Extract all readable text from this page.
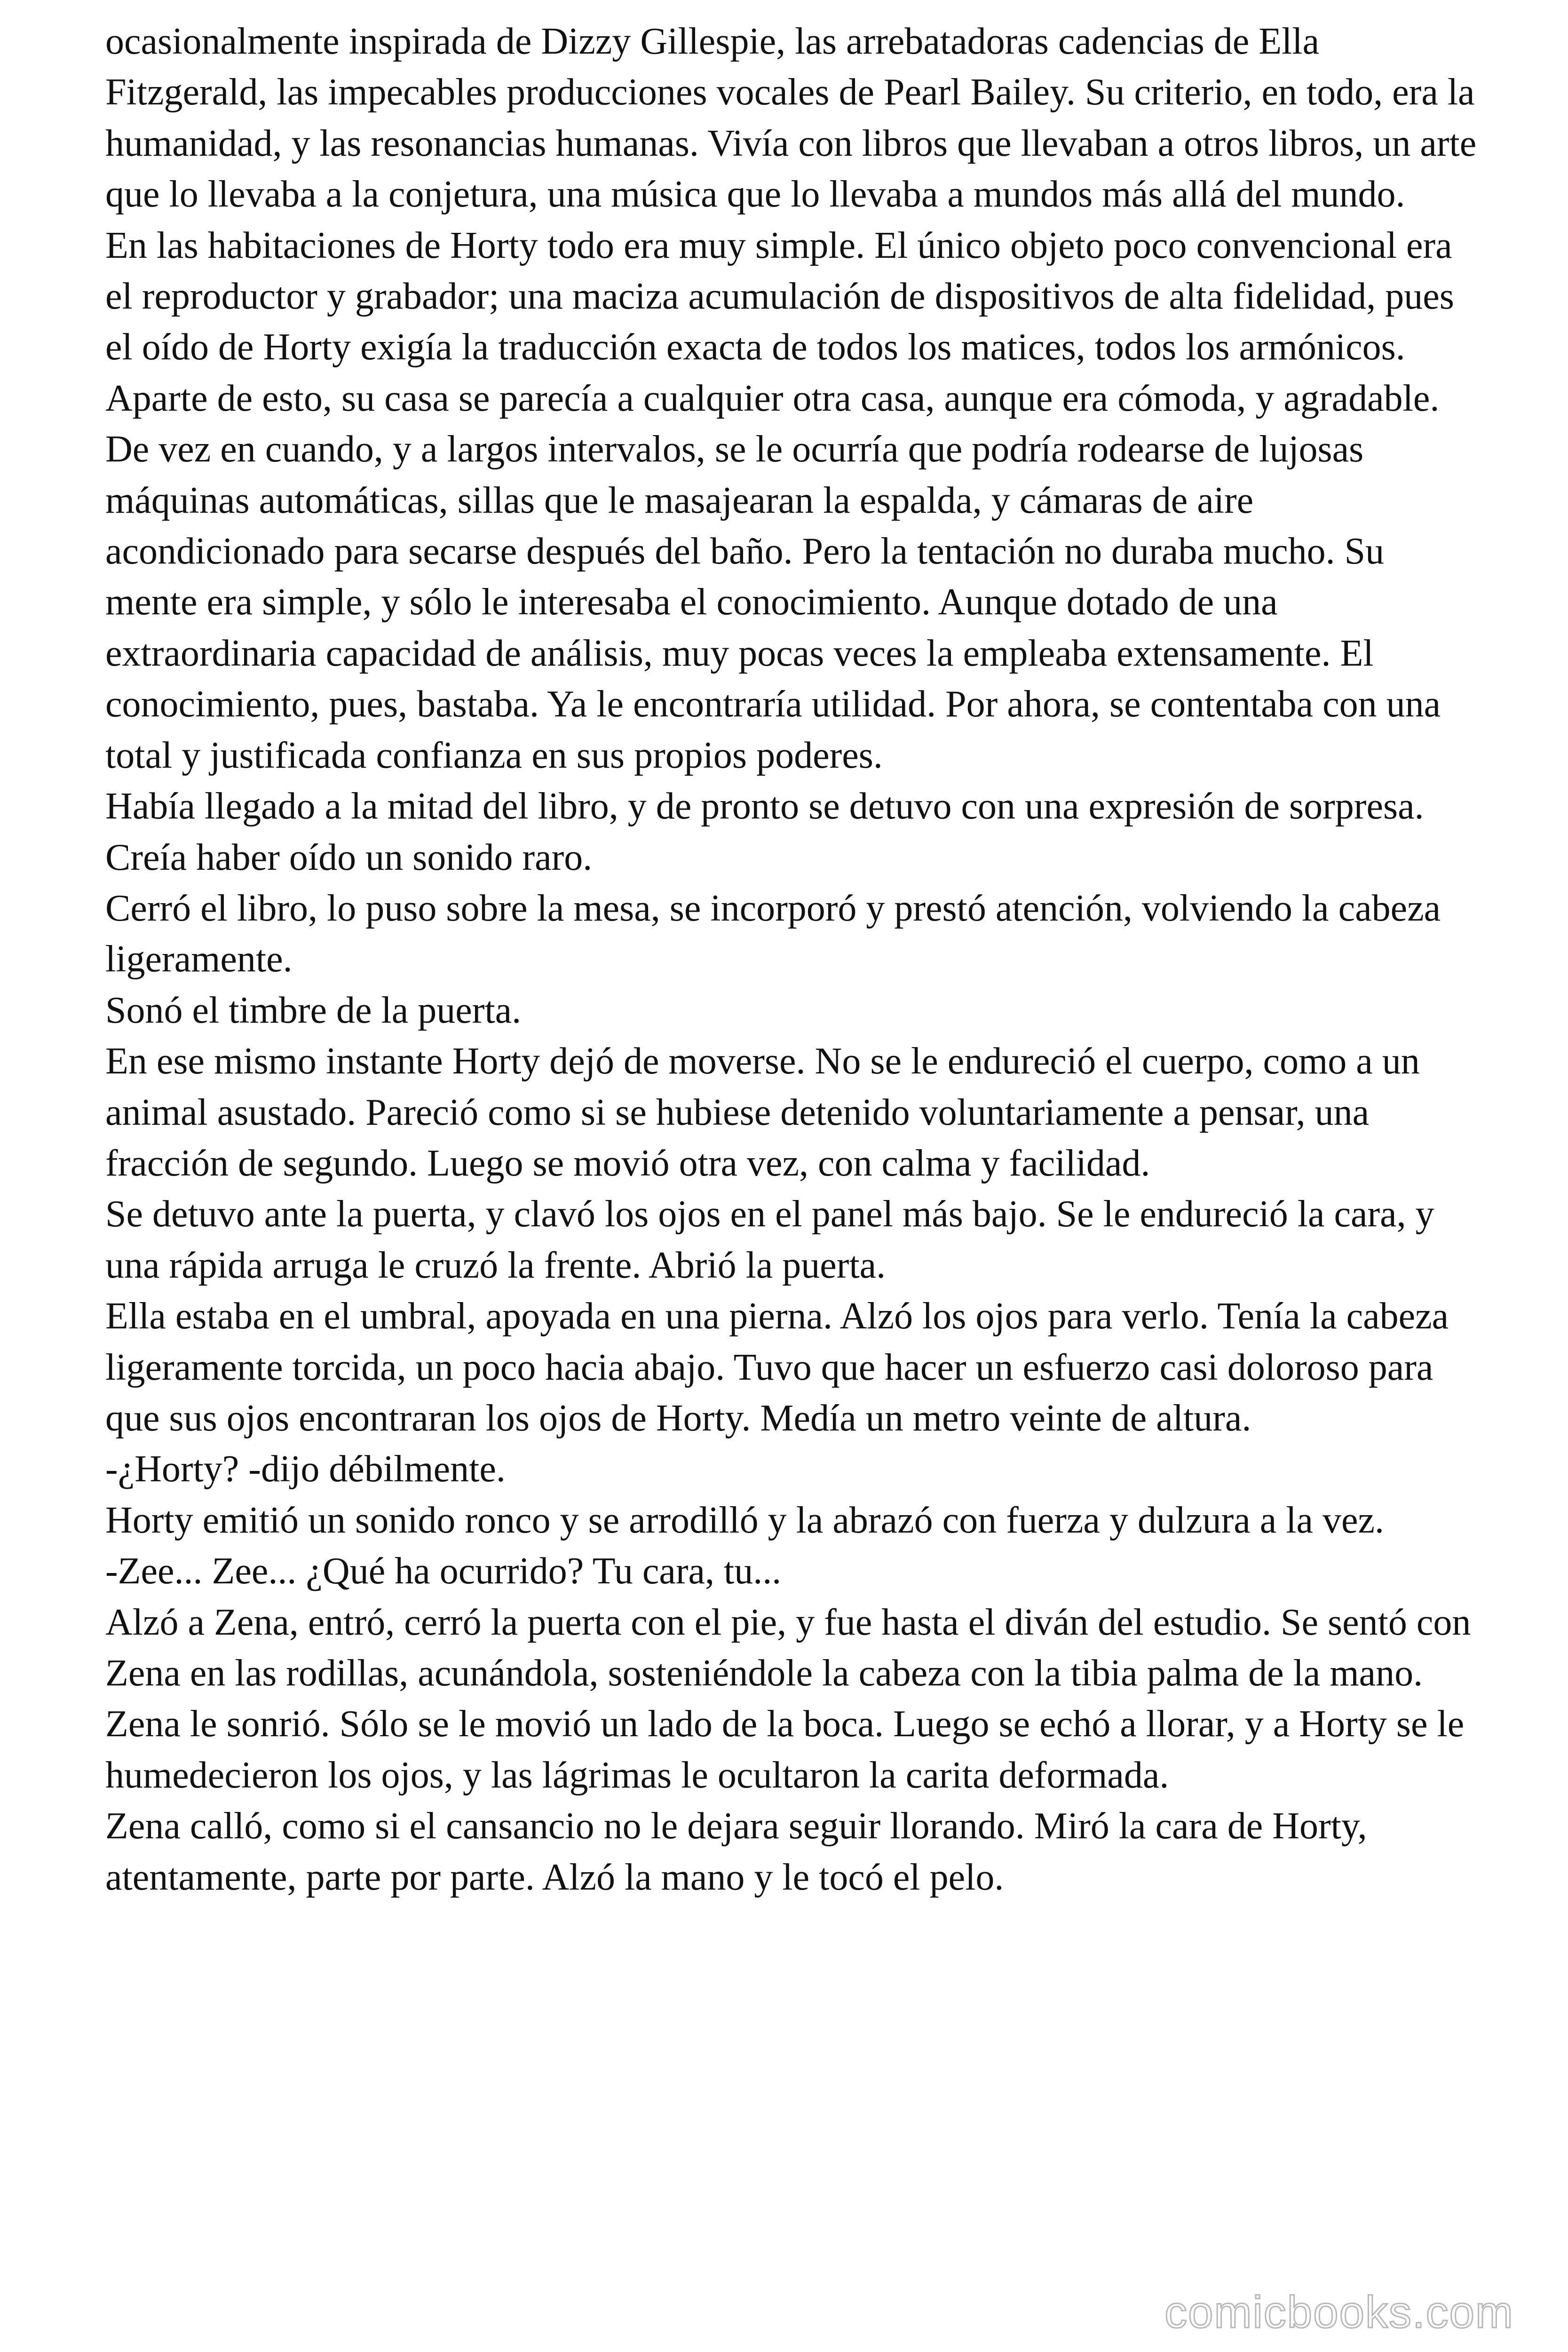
ocasionalmente inspirada de Dizzy Gillespie, las arrebatadoras cadencias de Ella Fitzgerald, las impecables producciones vocales de Pearl Bailey. Su criterio, en todo, era la humanidad, y las resonancias humanas. Vivía con libros que llevaban a otros libros, un arte que lo llevaba a la conjetura, una música que lo llevaba a mundos más allá del mundo.

En las habitaciones de Horty todo era muy simple. El único objeto poco convencional era el reproductor y grabador; una maciza acumulación de dispositivos de alta fidelidad, pues el oído de Horty exigía la traducción exacta de todos los matices, todos los armónicos. Aparte de esto, su casa se parecía a cualquier otra casa, aunque era cómoda, y agradable. De vez en cuando, y a largos intervalos, se le ocurría que podría rodearse de lujosas máquinas automáticas, sillas que le masajearan la espalda, y cámaras de aire acondicionado para secarse después del baño. Pero la tentación no duraba mucho. Su mente era simple, y sólo le interesaba el conocimiento. Aunque dotado de una extraordinaria capacidad de análisis, muy pocas veces la empleaba extensamente. El conocimiento, pues, bastaba. Ya le encontraría utilidad. Por ahora, se contentaba con una total y justificada confianza en sus propios poderes.

Había llegado a la mitad del libro, y de pronto se detuvo con una expresión de sorpresa. Creía haber oído un sonido raro.

Cerró el libro, lo puso sobre la mesa, se incorporó y prestó atención, volviendo la cabeza ligeramente.

Sonó el timbre de la puerta.

En ese mismo instante Horty dejó de moverse. No se le endureció el cuerpo, como a un animal asustado. Pareció como si se hubiese detenido voluntariamente a pensar, una fracción de segundo. Luego se movió otra vez, con calma y facilidad.

Se detuvo ante la puerta, y clavó los ojos en el panel más bajo. Se le endureció la cara, y una rápida arruga le cruzó la frente. Abrió la puerta.

Ella estaba en el umbral, apoyada en una pierna. Alzó los ojos para verlo. Tenía la cabeza ligeramente torcida, un poco hacia abajo. Tuvo que hacer un esfuerzo casi doloroso para que sus ojos encontraran los ojos de Horty. Medía un metro veinte de altura.

-¿Horty? -dijo débilmente.

Horty emitió un sonido ronco y se arrodilló y la abrazó con fuerza y dulzura a la vez.

-Zee... Zee... ¿Qué ha ocurrido? Tu cara, tu...

Alzó a Zena, entró, cerró la puerta con el pie, y fue hasta el diván del estudio. Se sentó con Zena en las rodillas, acunándola, sosteniéndole la cabeza con la tibia palma de la mano. Zena le sonrió. Sólo se le movió un lado de la boca. Luego se echó a llorar, y a Horty se le humedecieron los ojos, y las lágrimas le ocultaron la carita deformada.

Zena calló, como si el cansancio no le dejara seguir llorando. Miró la cara de Horty, atentamente, parte por parte. Alzó la mano y le tocó el pelo.

comicbooks.com
